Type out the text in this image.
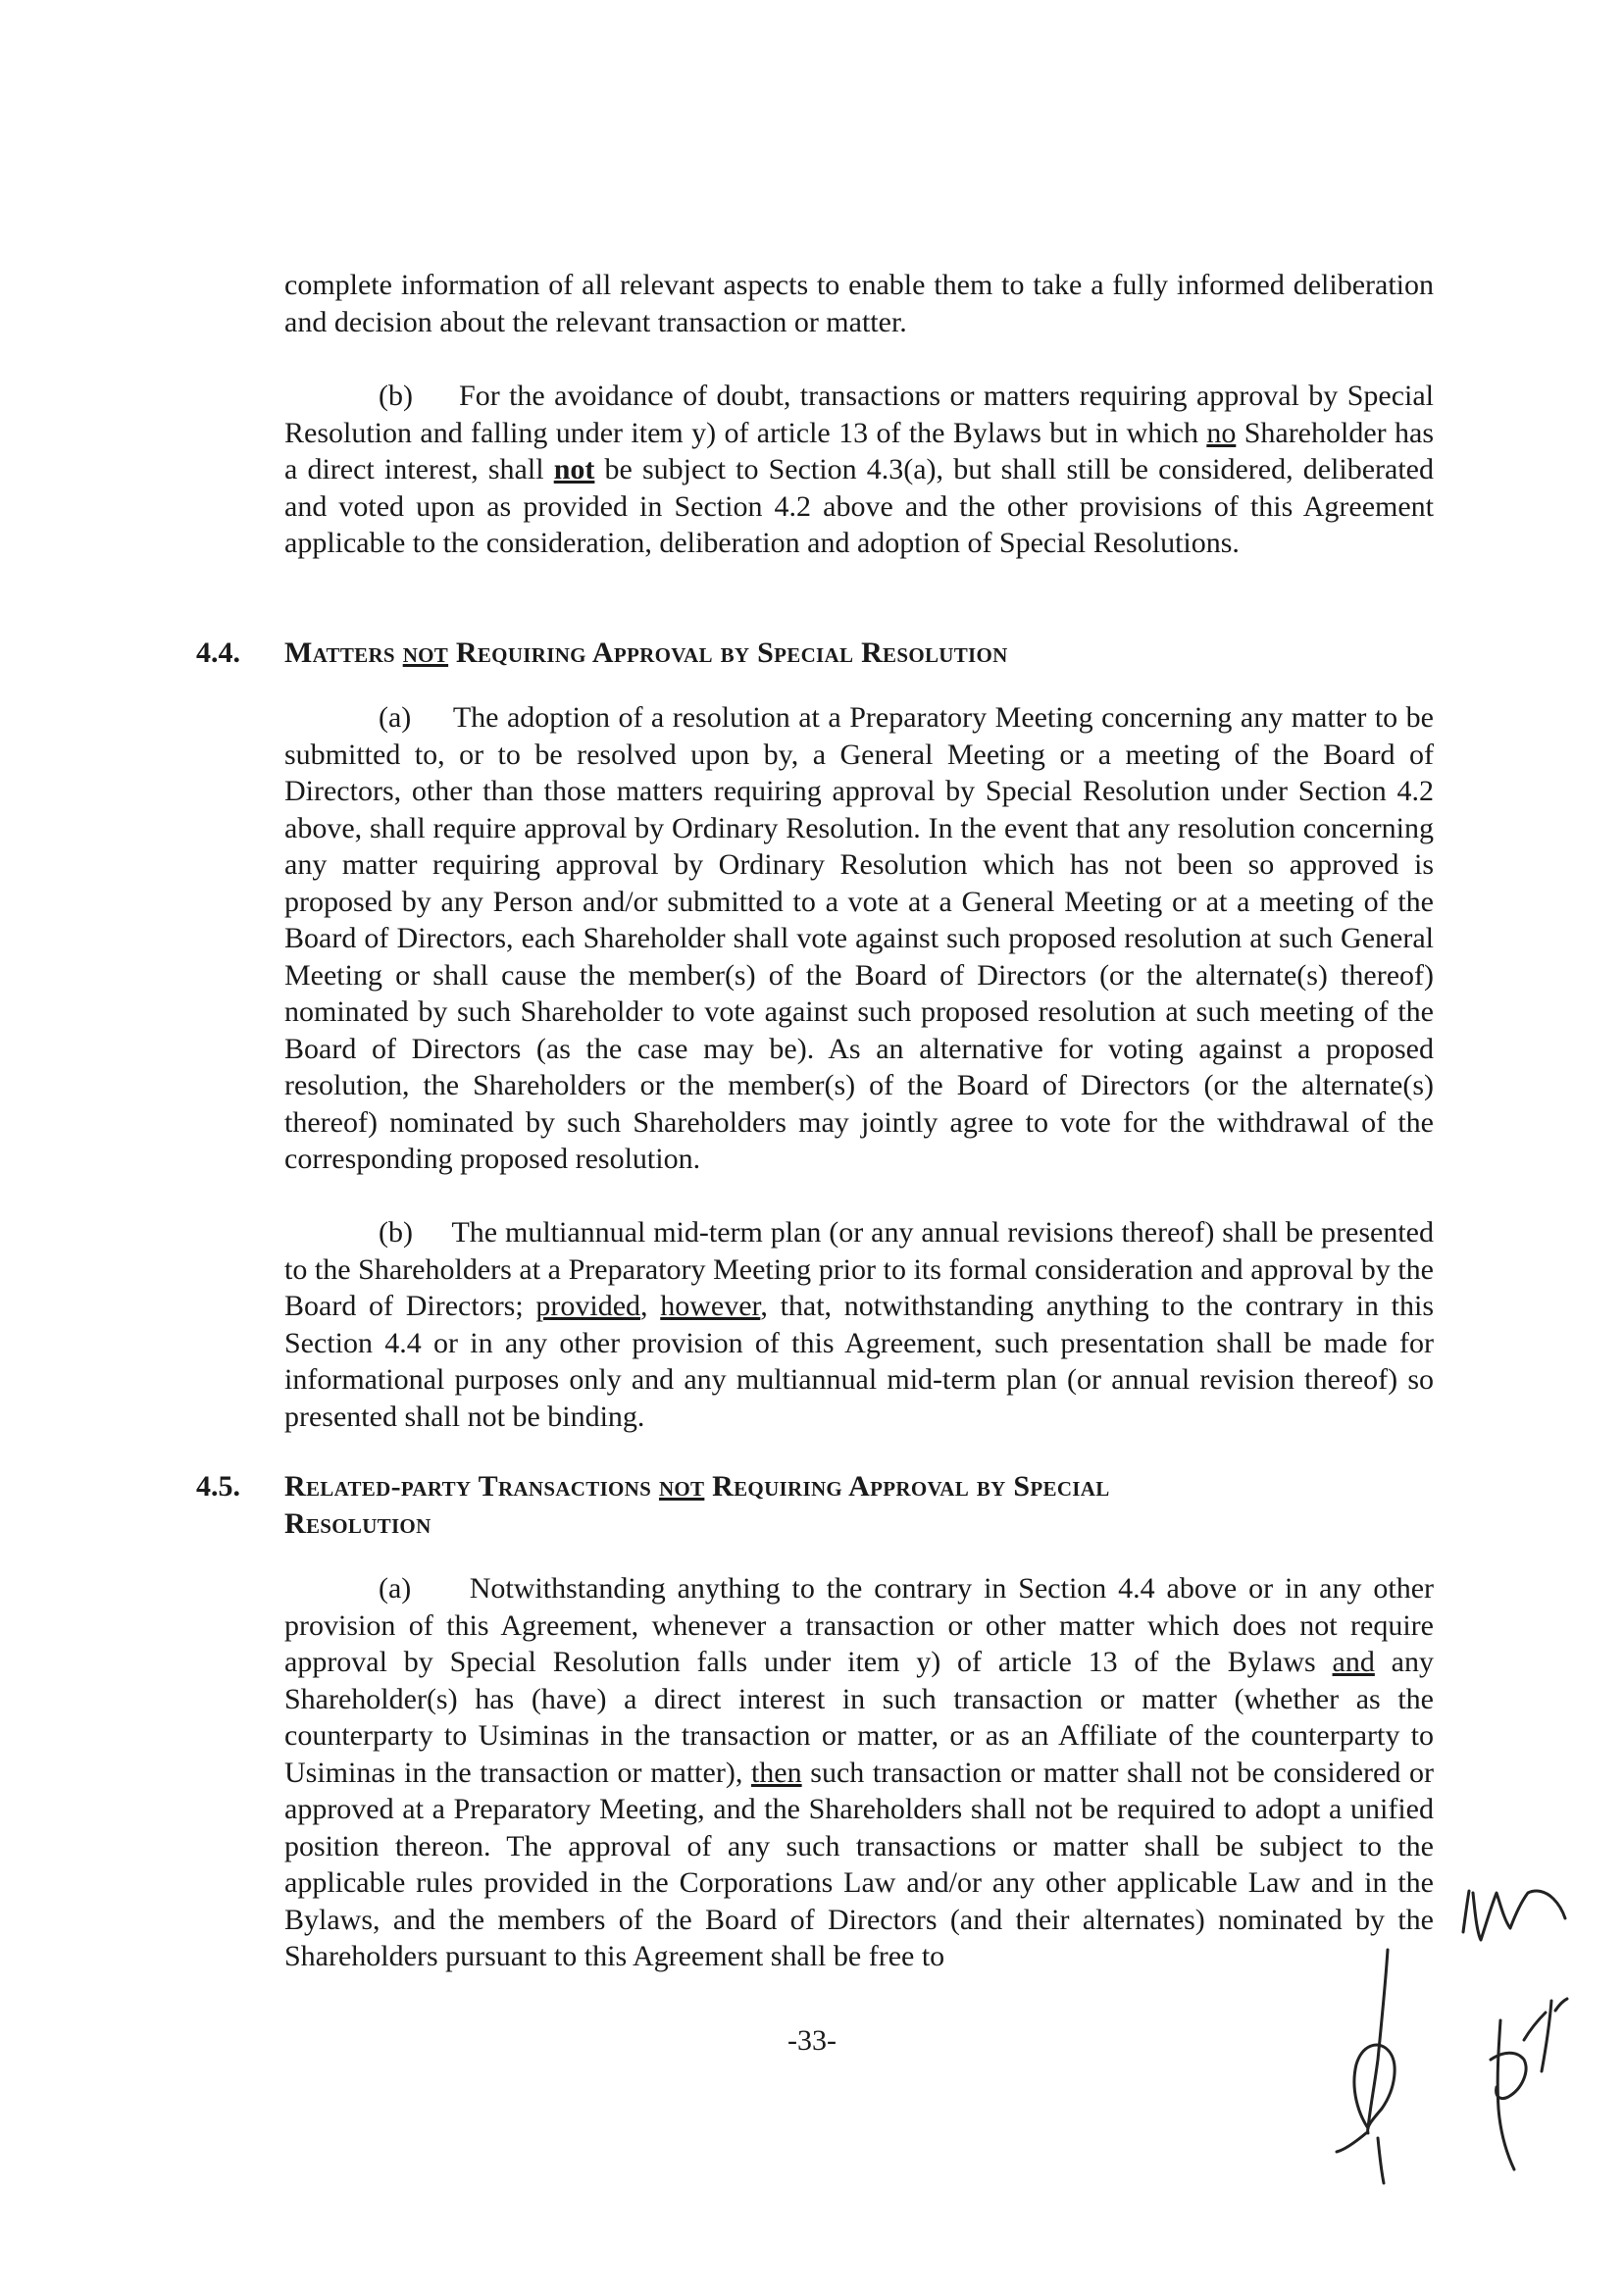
complete information of all relevant aspects to enable them to take a fully informed deliberation and decision about the relevant transaction or matter.
(b) For the avoidance of doubt, transactions or matters requiring approval by Special Resolution and falling under item y) of article 13 of the Bylaws but in which no Shareholder has a direct interest, shall not be subject to Section 4.3(a), but shall still be considered, deliberated and voted upon as provided in Section 4.2 above and the other provisions of this Agreement applicable to the consideration, deliberation and adoption of Special Resolutions.
4.4. Matters not Requiring Approval by Special Resolution
(a) The adoption of a resolution at a Preparatory Meeting concerning any matter to be submitted to, or to be resolved upon by, a General Meeting or a meeting of the Board of Directors, other than those matters requiring approval by Special Resolution under Section 4.2 above, shall require approval by Ordinary Resolution. In the event that any resolution concerning any matter requiring approval by Ordinary Resolution which has not been so approved is proposed by any Person and/or submitted to a vote at a General Meeting or at a meeting of the Board of Directors, each Shareholder shall vote against such proposed resolution at such General Meeting or shall cause the member(s) of the Board of Directors (or the alternate(s) thereof) nominated by such Shareholder to vote against such proposed resolution at such meeting of the Board of Directors (as the case may be). As an alternative for voting against a proposed resolution, the Shareholders or the member(s) of the Board of Directors (or the alternate(s) thereof) nominated by such Shareholders may jointly agree to vote for the withdrawal of the corresponding proposed resolution.
(b) The multiannual mid-term plan (or any annual revisions thereof) shall be presented to the Shareholders at a Preparatory Meeting prior to its formal consideration and approval by the Board of Directors; provided, however, that, notwithstanding anything to the contrary in this Section 4.4 or in any other provision of this Agreement, such presentation shall be made for informational purposes only and any multiannual mid-term plan (or annual revision thereof) so presented shall not be binding.
4.5. Related-party Transactions not Requiring Approval by Special
Resolution
(a) Notwithstanding anything to the contrary in Section 4.4 above or in any other provision of this Agreement, whenever a transaction or other matter which does not require approval by Special Resolution falls under item y) of article 13 of the Bylaws and any Shareholder(s) has (have) a direct interest in such transaction or matter (whether as the counterparty to Usiminas in the transaction or matter, or as an Affiliate of the counterparty to Usiminas in the transaction or matter), then such transaction or matter shall not be considered or approved at a Preparatory Meeting, and the Shareholders shall not be required to adopt a unified position thereon. The approval of any such transactions or matter shall be subject to the applicable rules provided in the Corporations Law and/or any other applicable Law and in the Bylaws, and the members of the Board of Directors (and their alternates) nominated by the Shareholders pursuant to this Agreement shall be free to
-33-
